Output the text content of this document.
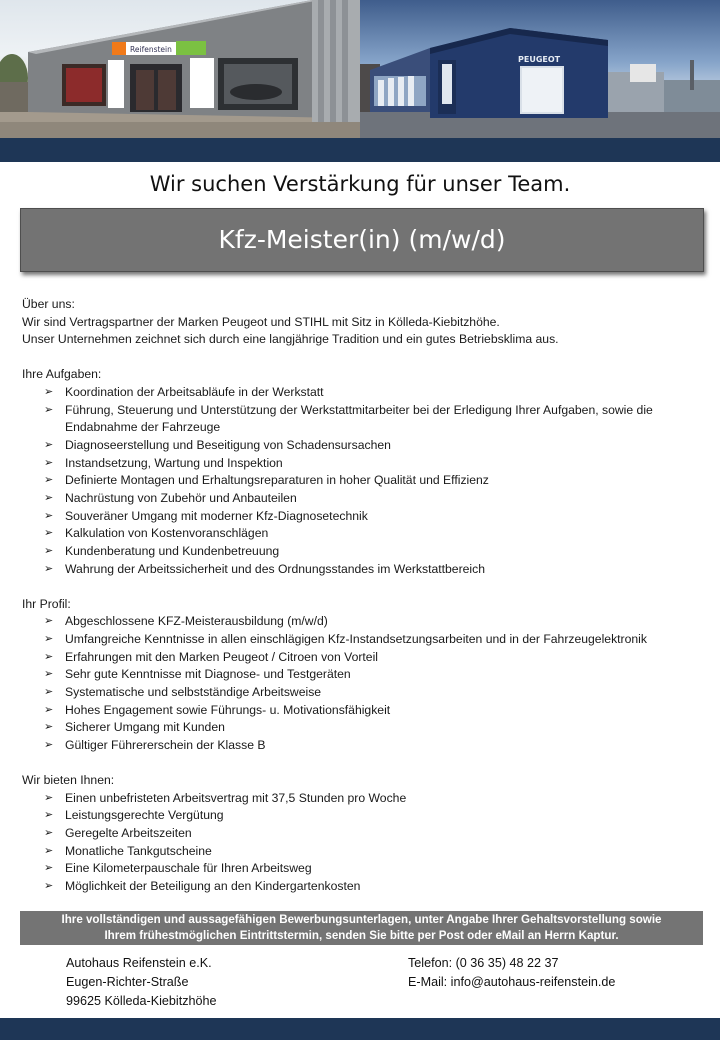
Reifenstein
PEUGEOT
Wir suchen Verstärkung für unser Team.
Kfz-Meister(in) (m/w/d)
Über uns:
Wir sind Vertragspartner der Marken Peugeot und STIHL mit Sitz in Kölleda-Kiebitzhöhe.
Unser Unternehmen zeichnet sich durch eine langjährige Tradition und ein gutes Betriebsklima aus.
Ihre Aufgaben:
➢ Koordination der Arbeitsabläufe in der Werkstatt
➢ Führung, Steuerung und Unterstützung der Werkstattmitarbeiter bei der Erledigung Ihrer Aufgaben, sowie die Endabnahme der Fahrzeuge
➢ Diagnoseerstellung und Beseitigung von Schadensursachen
➢ Instandsetzung, Wartung und Inspektion
➢ Definierte Montagen und Erhaltungsreparaturen in hoher Qualität und Effizienz
➢ Nachrüstung von Zubehör und Anbauteilen
➢ Souveräner Umgang mit moderner Kfz-Diagnosetechnik
➢ Kalkulation von Kostenvoranschlägen
➢ Kundenberatung und Kundenbetreuung
➢ Wahrung der Arbeitssicherheit und des Ordnungsstandes im Werkstattbereich
Ihr Profil:
➢ Abgeschlossene KFZ-Meisterausbildung (m/w/d)
➢ Umfangreiche Kenntnisse in allen einschlägigen Kfz-Instandsetzungsarbeiten und in der Fahrzeugelektronik
➢ Erfahrungen mit den Marken Peugeot / Citroen von Vorteil
➢ Sehr gute Kenntnisse mit Diagnose- und Testgeräten
➢ Systematische und selbstständige Arbeitsweise
➢ Hohes Engagement sowie Führungs- u. Motivationsfähigkeit
➢ Sicherer Umgang mit Kunden
➢ Gültiger Führererschein der Klasse B
Wir bieten Ihnen:
➢ Einen unbefristeten Arbeitsvertrag mit 37,5 Stunden pro Woche
➢ Leistungsgerechte Vergütung
➢ Geregelte Arbeitszeiten
➢ Monatliche Tankgutscheine
➢ Eine Kilometerpauschale für Ihren Arbeitsweg
➢ Möglichkeit der Beteiligung an den Kindergartenkosten
Ihre vollständigen und aussagefähigen Bewerbungsunterlagen, unter Angabe Ihrer Gehaltsvorstellung sowie
Ihrem frühestmöglichen Eintrittstermin, senden Sie bitte per Post oder eMail an Herrn Kaptur.
Autohaus Reifenstein e.K.
Eugen-Richter-Straße
99625 Kölleda-Kiebitzhöhe
Telefon: (0 36 35) 48 22 37
E-Mail: info@autohaus-reifenstein.de
